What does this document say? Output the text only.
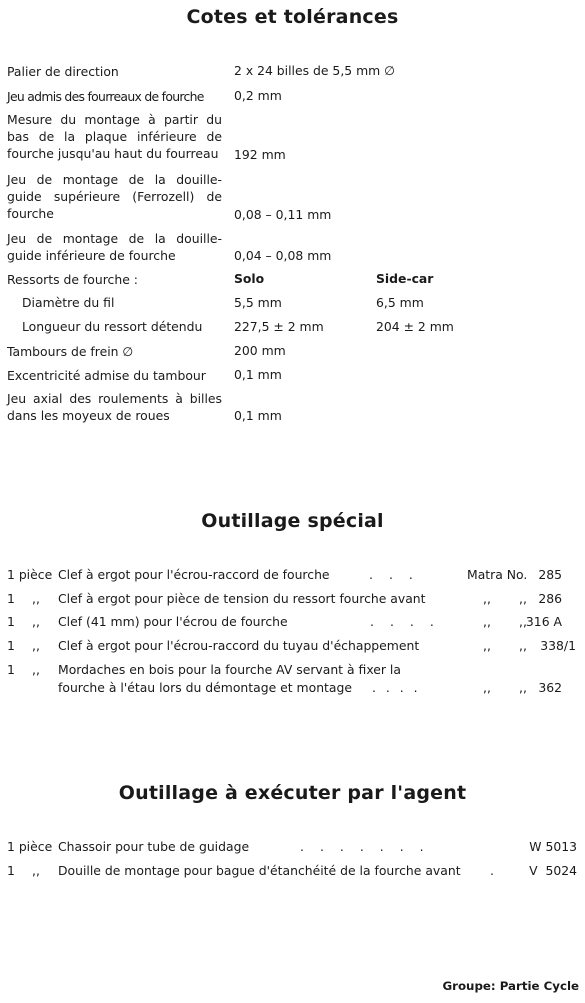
Cotes et tolérances
Palier de direction	2 x 24 billes de 5,5 mm ∅
Jeu admis des fourreaux de fourche	0,2 mm
Mesure du montage à partir du bas de la plaque inférieure de fourche jusqu'au haut du fourreau 192 mm
Jeu de montage de la douille-guide supérieure (Ferrozell) de fourche	0,08 – 0,11 mm
Jeu de montage de la douille-guide inférieure de fourche	0,04 – 0,08 mm
Ressorts de fourche :	Solo	Side-car
Diamètre du fil	5,5 mm	6,5 mm
Longueur du ressort détendu	227,5 ± 2 mm	204 ± 2 mm
Tambours de frein ∅	200 mm
Excentricité admise du tambour	0,1 mm
Jeu axial des roulements à billes dans les moyeux de roues	0,1 mm
Outillage spécial
1 pièce Clef à ergot pour l'écrou-raccord de fourche	...	Matra No. 285
1 ,, Clef à ergot pour pièce de tension du ressort fourche avant	,, ,, 286
1 ,, Clef (41 mm) pour l'écrou de fourche	....	,, ,, 316 A
1 ,, Clef à ergot pour l'écrou-raccord du tuyau d'échappement	,, ,,	338/1
1 ,, Mordaches en bois pour la fourche AV servant à fixer la
fourche à l'étau lors du démontage et montage . . . .	,, ,, 362
Outillage à exécuter par l'agent
1 pièce Chassoir pour tube de guidage	.......	W 5013
1 ,, Douille de montage pour bague d'étanchéité de la fourche avant .	V  5024
Groupe: Partie Cycle
